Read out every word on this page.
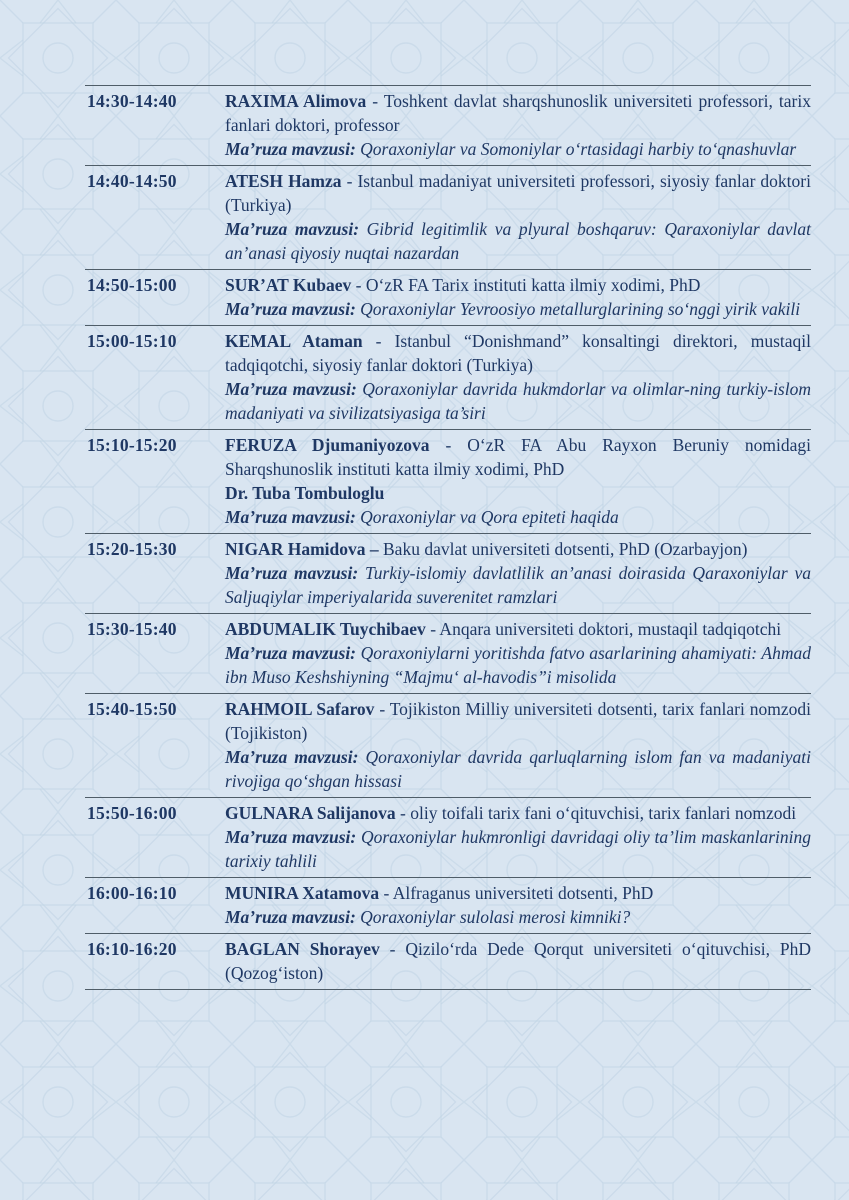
14:30-14:40	RAXIMA Alimova - Toshkent davlat sharqshunoslik universiteti professori, tarix fanlari doktori, professor
Ma’ruza mavzusi: Qoraxoniylar va Somoniylar oʻrtasidagi harbiy toʻqnashuvlar
14:40-14:50	ATESH Hamza - Istanbul madaniyat universiteti professori, siyosiy fanlar doktori (Turkiya)
Ma’ruza mavzusi: Gibrid legitimlik va plyural boshqaruv: Qaraxoniylar davlat an’anasi qiyosiy nuqtai nazardan
14:50-15:00	SUR’AT Kubaev - OʻzR FA Tarix instituti katta ilmiy xodimi, PhD
Ma’ruza mavzusi: Qoraxoniylar Yevroosiyo metallurglarining soʻnggi yirik vakili
15:00-15:10	KEMAL Ataman - Istanbul “Donishmand” konsaltingi direktori, mustaqil tadqiqotchi, siyosiy fanlar doktori (Turkiya)
Ma’ruza mavzusi: Qoraxoniylar davrida hukmdorlar va olimlar-ning turkiy-islom madaniyati va sivilizatsiyasiga ta’siri
15:10-15:20	FERUZA Djumaniyozova - OʻzR FA Abu Rayxon Beruniy nomidagi Sharqshunoslik instituti katta ilmiy xodimi, PhD
Dr. Tuba Tombuloglu
Ma’ruza mavzusi: Qoraxoniylar va Qora epiteti haqida
15:20-15:30	NIGAR Hamidova – Baku davlat universiteti dotsenti, PhD (Ozarbayjon)
Ma’ruza mavzusi: Turkiy-islomiy davlatlilik an’anasi doirasida Qaraxoniylar va Saljuqiylar imperiyalarida suverenitet ramzlari
15:30-15:40	ABDUMALIK Tuychibaev - Anqara universiteti doktori, mustaqil tadqiqotchi
Ma’ruza mavzusi: Qoraxoniylarni yoritishda fatvo asarlarining ahamiyati: Ahmad ibn Muso Keshshiyning “Majmuʻ al-havodis”i misolida
15:40-15:50	RAHMOIL Safarov - Tojikiston Milliy universiteti dotsenti, tarix fanlari nomzodi (Tojikiston)
Ma’ruza mavzusi: Qoraxoniylar davrida qarluqlarning islom fan va madaniyati rivojiga qoʻshgan hissasi
15:50-16:00	GULNARA Salijanova - oliy toifali tarix fani oʻqituvchisi, tarix fanlari nomzodi
Ma’ruza mavzusi: Qoraxoniylar hukmronligi davridagi oliy ta’lim maskanlarining tarixiy tahlili
16:00-16:10	MUNIRA Xatamova - Alfraganus universiteti dotsenti, PhD
Ma’ruza mavzusi: Qoraxoniylar sulolasi merosi kimniki?
16:10-16:20	BAGLAN Shorayev - Qiziloʻrda Dede Qorqut universiteti oʻqituvchisi, PhD (Qozogʻiston)
